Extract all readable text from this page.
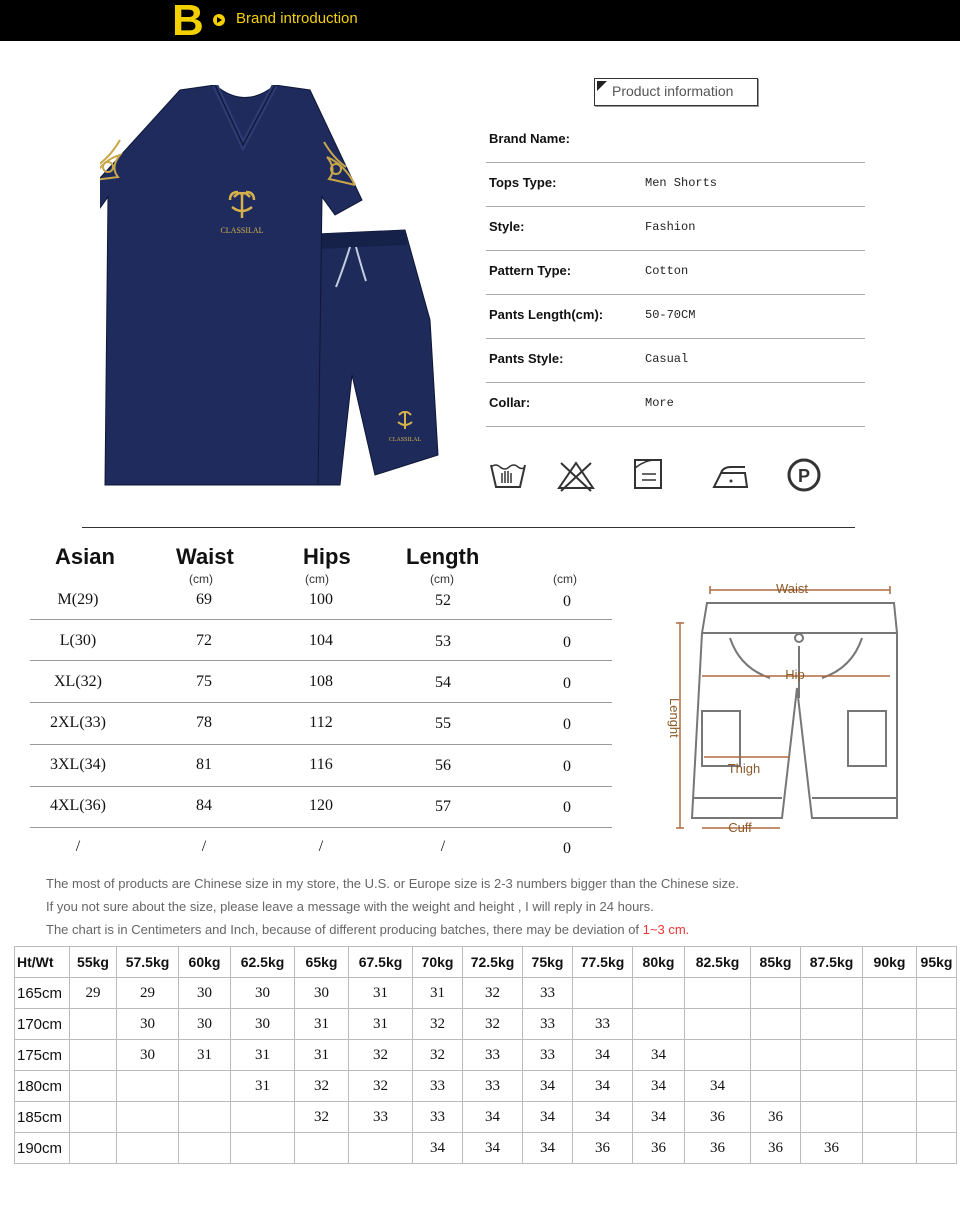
B Brand introduction
CLASSILAL
CLASSILAL
Product information
Brand Name:
Tops Type:	Men Shorts
Style:	Fashion
Pattern Type:	Cotton
Pants Length(cm):	50-70CM
Pants Style:	Casual
Collar:	More
P
Asian	Waist	Hips	Length
(cm)	(cm)	(cm)	(cm)
M(29)	69	100	52	0
L(30)	72	104	53	0
XL(32)	75	108	54	0
2XL(33)	78	112	55	0
3XL(34)	81	116	56	0
4XL(36)	84	120	57	0
/	/	/	/	0
Waist
Hip
Lenght
Thigh
Cuff
The most of products are Chinese size in my store, the U.S. or Europe size is 2-3 numbers bigger than the Chinese size.
If you not sure about the size, please leave a message with the weight and height , I will reply in 24 hours.
The chart is in Centimeters and Inch, because of different producing batches, there may be deviation of 1~3 cm.
Ht/Wt	55kg	57.5kg	60kg	62.5kg	65kg	67.5kg	70kg	72.5kg	75kg	77.5kg	80kg	82.5kg	85kg	87.5kg	90kg	95kg
165cm	29	29	30	30	30	31	31	32	33							
170cm		30	30	30	31	31	32	32	33	33						
175cm		30	31	31	31	32	32	33	33	34	34					
180cm				31	32	32	33	33	34	34	34	34				
185cm					32	33	33	34	34	34	34	36	36			
190cm							34	34	34	36	36	36	36	36		
